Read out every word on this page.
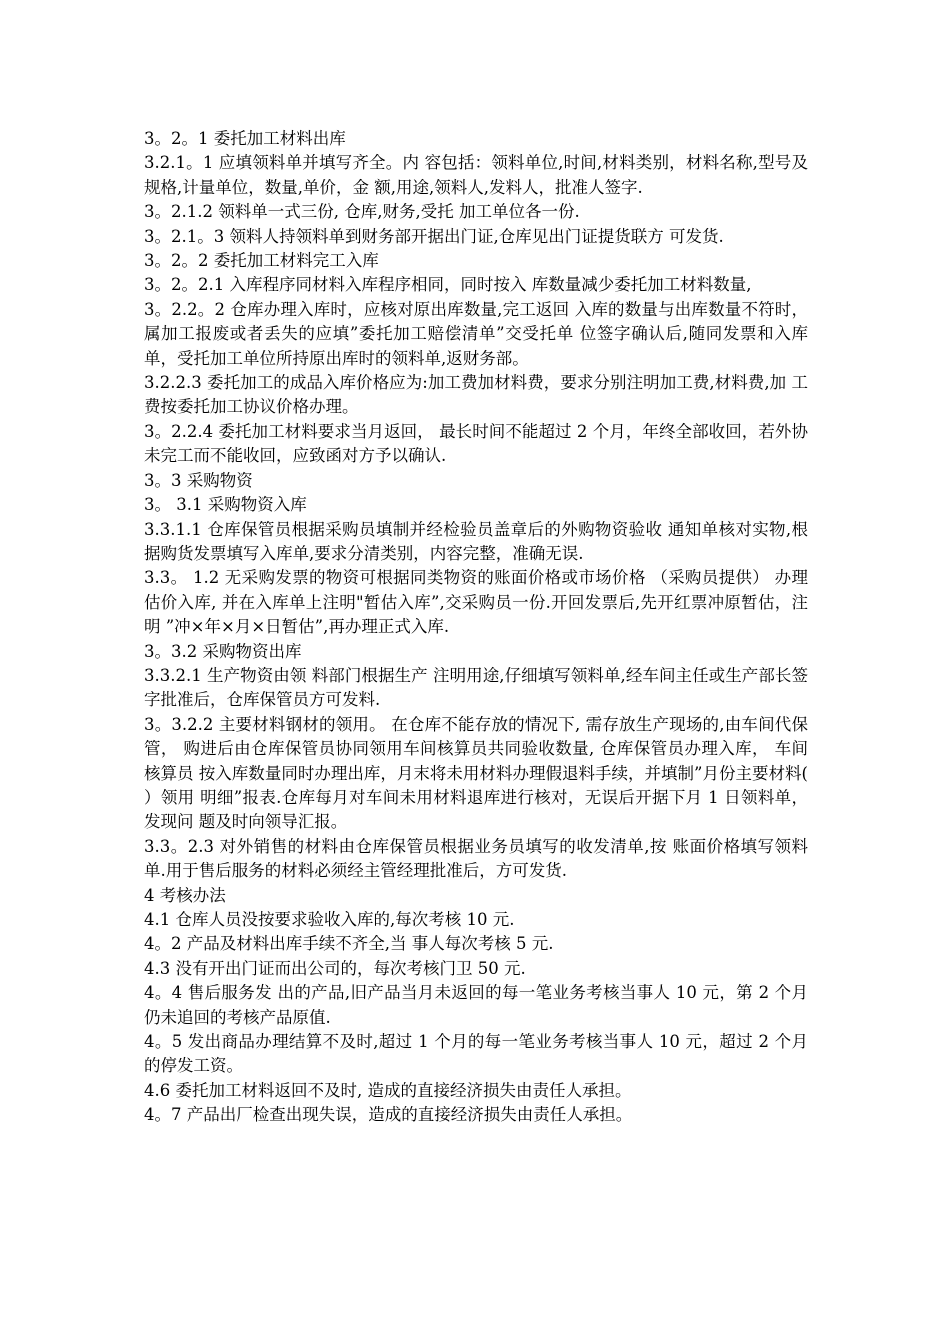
3。2。1 委托加工材料出库

3.2.1。1 应填领料单并填写齐全。内 容包括：领料单位,时间,材料类别，材料名称,型号及规格,计量单位，数量,单价，金 额,用途,领料人,发料人，批准人签字.

3。2.1.2 领料单一式三份, 仓库,财务,受托 加工单位各一份.

3。2.1。3 领料人持领料单到财务部开据出门证,仓库见出门证提货联方 可发货.

3。2。2 委托加工材料完工入库

3。2。2.1 入库程序同材料入库程序相同，同时按入 库数量减少委托加工材料数量,

3。2.2。2 仓库办理入库时，应核对原出库数量,完工返回 入库的数量与出库数量不符时，属加工报废或者丢失的应填”委托加工赔偿清单”交受托单 位签字确认后,随同发票和入库单，受托加工单位所持原出库时的领料单,返财务部。

3.2.2.3 委托加工的成品入库价格应为:加工费加材料费，要求分别注明加工费,材料费,加 工费按委托加工协议价格办理。

3。2.2.4 委托加工材料要求当月返回， 最长时间不能超过 2 个月，年终全部收回，若外协未完工而不能收回，应致函对方予以确认.

3。3 采购物资

3。 3.1 采购物资入库

3.3.1.1 仓库保管员根据采购员填制并经检验员盖章后的外购物资验收 通知单核对实物,根据购货发票填写入库单,要求分清类别，内容完整，准确无误.

3.3。 1.2 无采购发票的物资可根据同类物资的账面价格或市场价格 （采购员提供） 办理估价入库, 并在入库单上注明"暂估入库”,交采购员一份.开回发票后,先开红票冲原暂估，注明 ”冲×年×月×日暂估”,再办理正式入库.

3。3.2 采购物资出库

3.3.2.1 生产物资由领 料部门根据生产 注明用途,仔细填写领料单,经车间主任或生产部长签字批准后，仓库保管员方可发料.

3。3.2.2 主要材料钢材的领用。 在仓库不能存放的情况下, 需存放生产现场的,由车间代保管， 购进后由仓库保管员协同领用车间核算员共同验收数量, 仓库保管员办理入库， 车间核算员 按入库数量同时办理出库，月末将未用材料办理假退料手续，并填制”月份主要材料( ）领用 明细”报表.仓库每月对车间未用材料退库进行核对，无误后开据下月 1 日领料单，发现问 题及时向领导汇报。

3.3。2.3 对外销售的材料由仓库保管员根据业务员填写的收发清单,按 账面价格填写领料单.用于售后服务的材料必须经主管经理批准后，方可发货.

4 考核办法

4.1 仓库人员没按要求验收入库的,每次考核 10 元.

4。2 产品及材料出库手续不齐全,当 事人每次考核 5 元.

4.3 没有开出门证而出公司的，每次考核门卫 50 元.

4。4 售后服务发 出的产品,旧产品当月未返回的每一笔业务考核当事人 10 元，第 2 个月仍未追回的考核产品原值.

4。5 发出商品办理结算不及时,超过 1 个月的每一笔业务考核当事人 10 元，超过 2 个月的停发工资。

4.6 委托加工材料返回不及时, 造成的直接经济损失由责任人承担。

4。7 产品出厂检查出现失误，造成的直接经济损失由责任人承担。
